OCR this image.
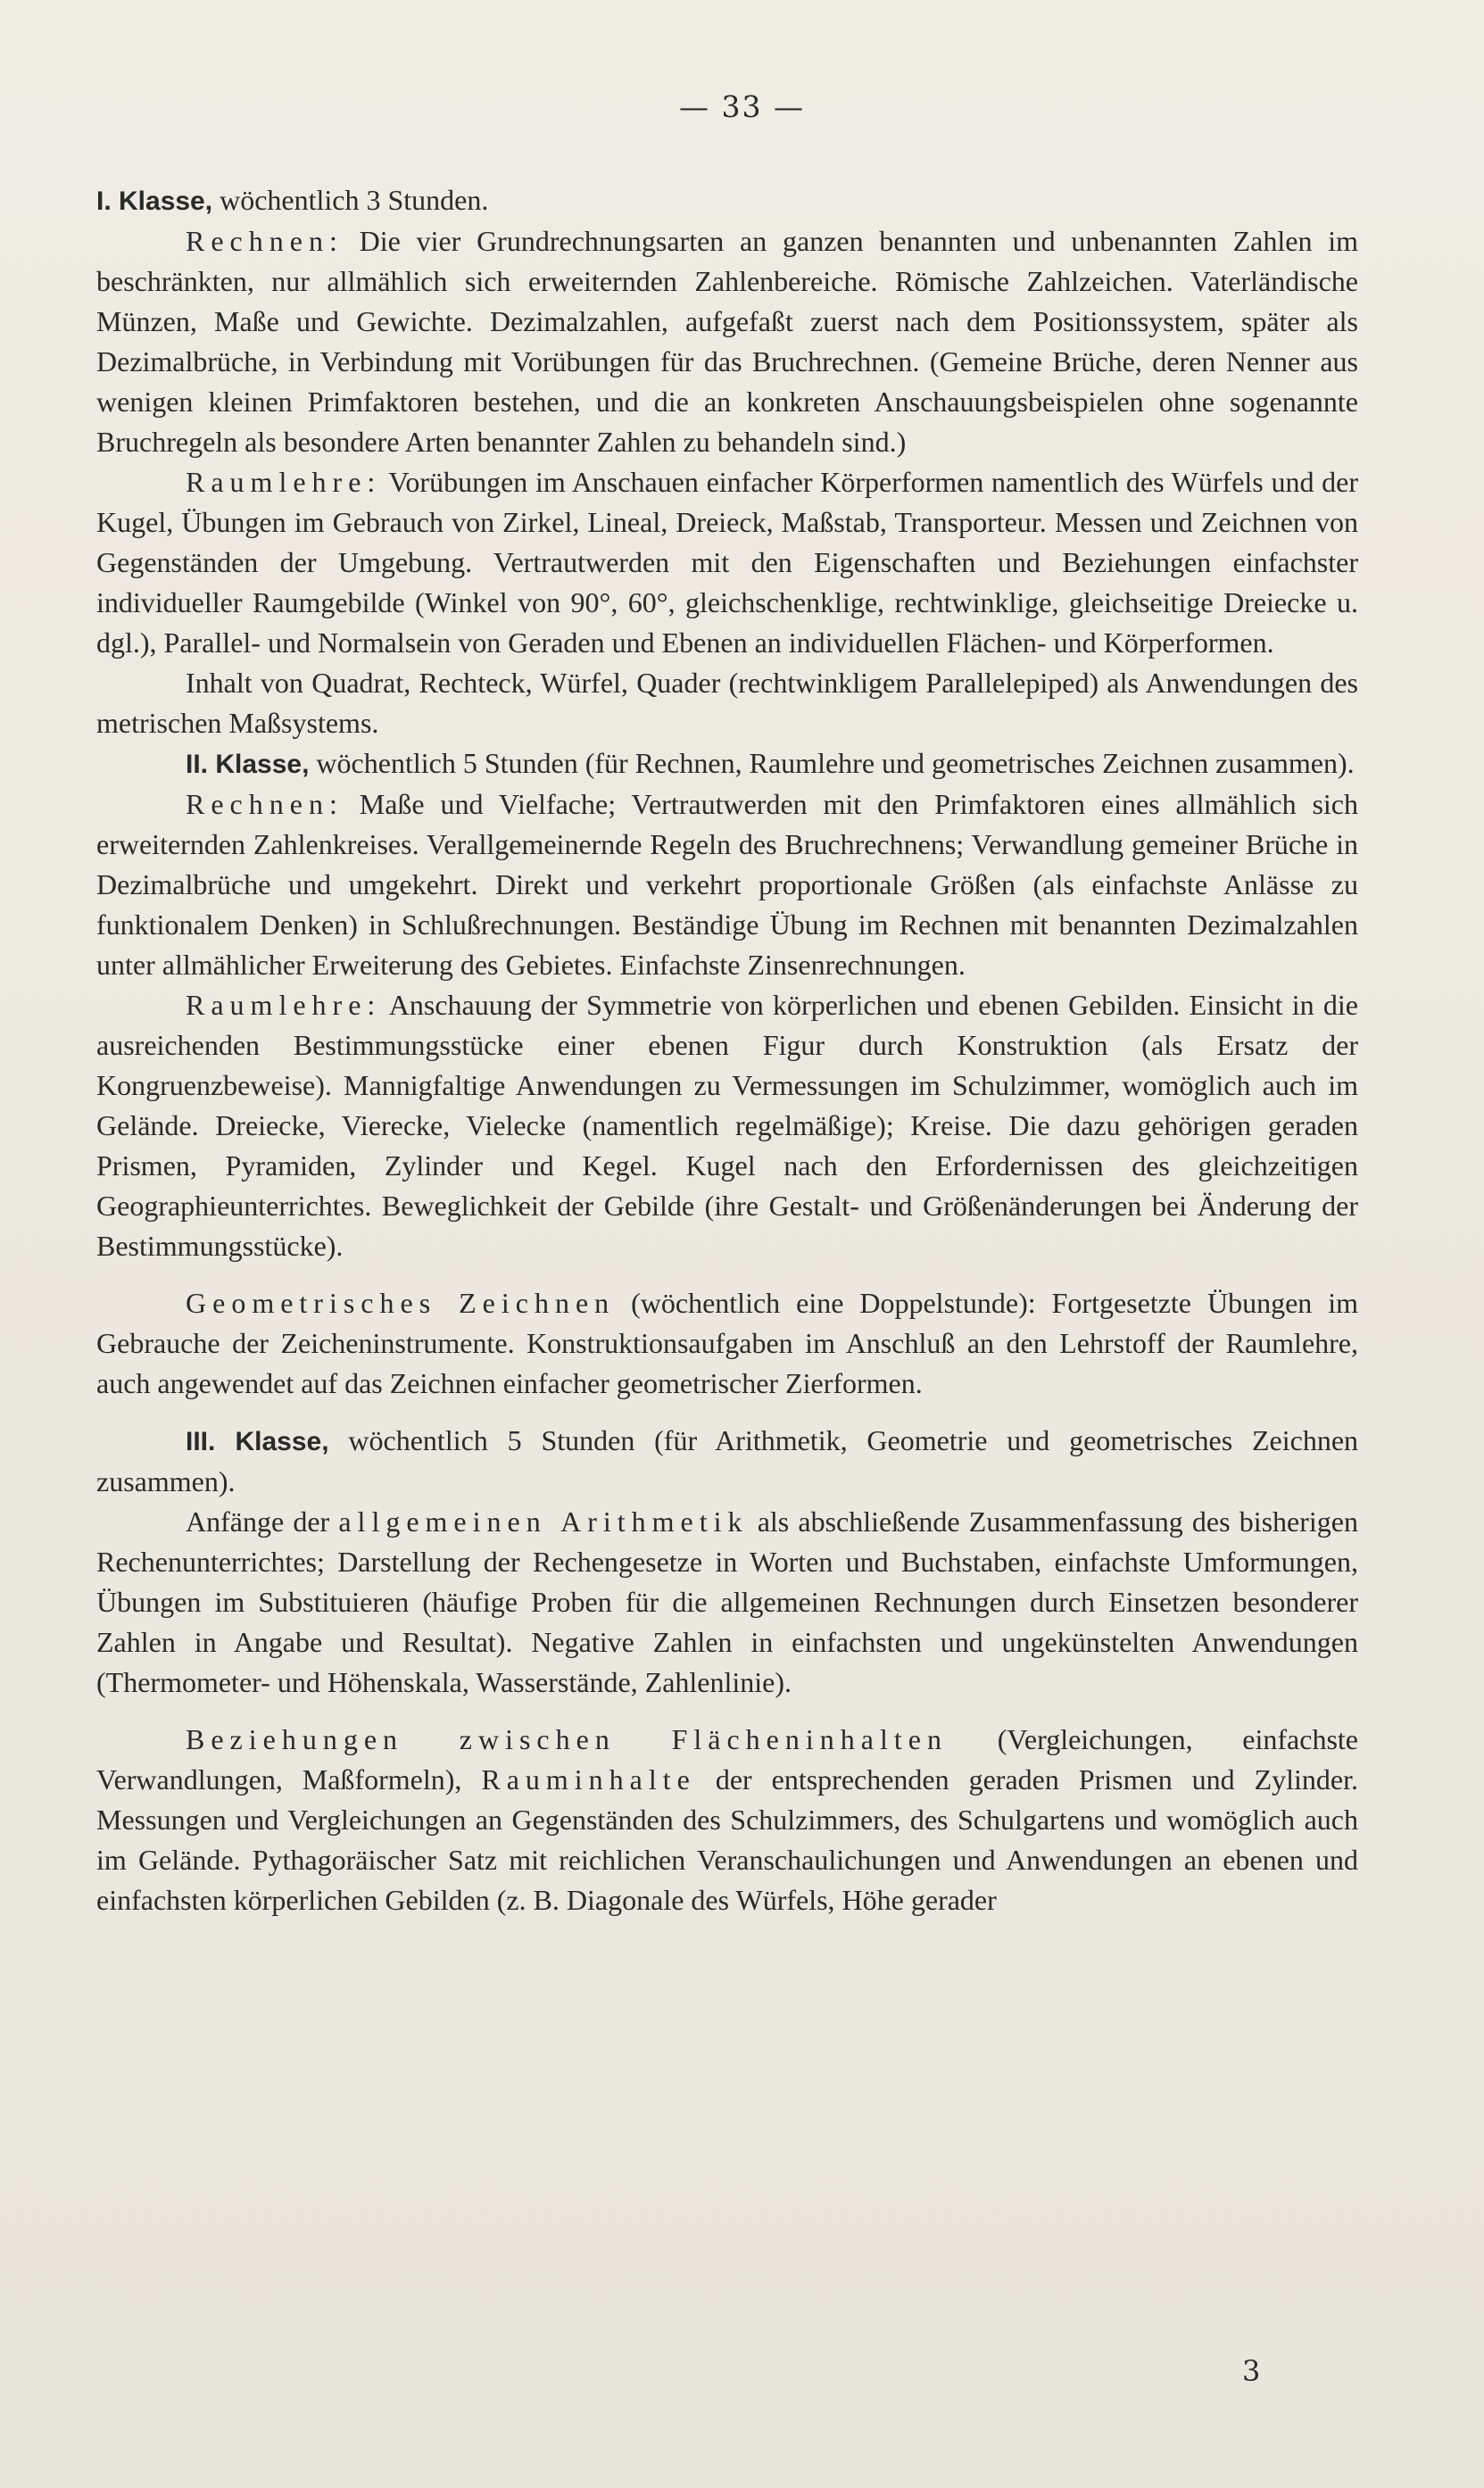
— 33 —

I. Klasse, wöchentlich 3 Stunden.

Rechnen: Die vier Grundrechnungsarten an ganzen benannten und unbenannten Zahlen im beschränkten, nur allmählich sich erweiternden Zahlenbereiche. Römische Zahlzeichen. Vaterländische Münzen, Maße und Gewichte. Dezimalzahlen, aufgefaßt zuerst nach dem Positionssystem, später als Dezimalbrüche, in Verbindung mit Vorübungen für das Bruchrechnen. (Gemeine Brüche, deren Nenner aus wenigen kleinen Primfaktoren bestehen, und die an konkreten Anschauungsbeispielen ohne sogenannte Bruchregeln als besondere Arten benannter Zahlen zu behandeln sind.)

Raumlehre: Vorübungen im Anschauen einfacher Körperformen namentlich des Würfels und der Kugel, Übungen im Gebrauch von Zirkel, Lineal, Dreieck, Maßstab, Transporteur. Messen und Zeichnen von Gegenständen der Umgebung. Vertrautwerden mit den Eigenschaften und Beziehungen einfachster individueller Raumgebilde (Winkel von 90°, 60°, gleichschenklige, rechtwinklige, gleichseitige Dreiecke u. dgl.), Parallel- und Normalsein von Geraden und Ebenen an individuellen Flächen- und Körperformen.

Inhalt von Quadrat, Rechteck, Würfel, Quader (rechtwinkligem Parallelepiped) als Anwendungen des metrischen Maßsystems.

II. Klasse, wöchentlich 5 Stunden (für Rechnen, Raumlehre und geometrisches Zeichnen zusammen).

Rechnen: Maße und Vielfache; Vertrautwerden mit den Primfaktoren eines allmählich sich erweiternden Zahlenkreises. Verallgemeinernde Regeln des Bruchrechnens; Verwandlung gemeiner Brüche in Dezimalbrüche und umgekehrt. Direkt und verkehrt proportionale Größen (als einfachste Anlässe zu funktionalem Denken) in Schlußrechnungen. Beständige Übung im Rechnen mit benannten Dezimalzahlen unter allmählicher Erweiterung des Gebietes. Einfachste Zinsenrechnungen.

Raumlehre: Anschauung der Symmetrie von körperlichen und ebenen Gebilden. Einsicht in die ausreichenden Bestimmungsstücke einer ebenen Figur durch Konstruktion (als Ersatz der Kongruenzbeweise). Mannigfaltige Anwendungen zu Vermessungen im Schulzimmer, womöglich auch im Gelände. Dreiecke, Vierecke, Vielecke (namentlich regelmäßige); Kreise. Die dazu gehörigen geraden Prismen, Pyramiden, Zylinder und Kegel. Kugel nach den Erfordernissen des gleichzeitigen Geographieunterrichtes. Beweglichkeit der Gebilde (ihre Gestalt- und Größenänderungen bei Änderung der Bestimmungsstücke).

Geometrisches Zeichnen (wöchentlich eine Doppelstunde): Fortgesetzte Übungen im Gebrauche der Zeicheninstrumente. Konstruktionsaufgaben im Anschluß an den Lehrstoff der Raumlehre, auch angewendet auf das Zeichnen einfacher geometrischer Zierformen.

III. Klasse, wöchentlich 5 Stunden (für Arithmetik, Geometrie und geometrisches Zeichnen zusammen).

Anfänge der allgemeinen Arithmetik als abschließende Zusammenfassung des bisherigen Rechenunterrichtes; Darstellung der Rechengesetze in Worten und Buchstaben, einfachste Umformungen, Übungen im Substituieren (häufige Proben für die allgemeinen Rechnungen durch Einsetzen besonderer Zahlen in Angabe und Resultat). Negative Zahlen in einfachsten und ungekünstelten Anwendungen (Thermometer- und Höhenskala, Wasserstände, Zahlenlinie).

Beziehungen zwischen Flächeninhalten (Vergleichungen, einfachste Verwandlungen, Maßformeln), Rauminhalte der entsprechenden geraden Prismen und Zylinder. Messungen und Vergleichungen an Gegenständen des Schulzimmers, des Schulgartens und womöglich auch im Gelände. Pythagoräischer Satz mit reichlichen Veranschaulichungen und Anwendungen an ebenen und einfachsten körperlichen Gebilden (z. B. Diagonale des Würfels, Höhe gerader

3
